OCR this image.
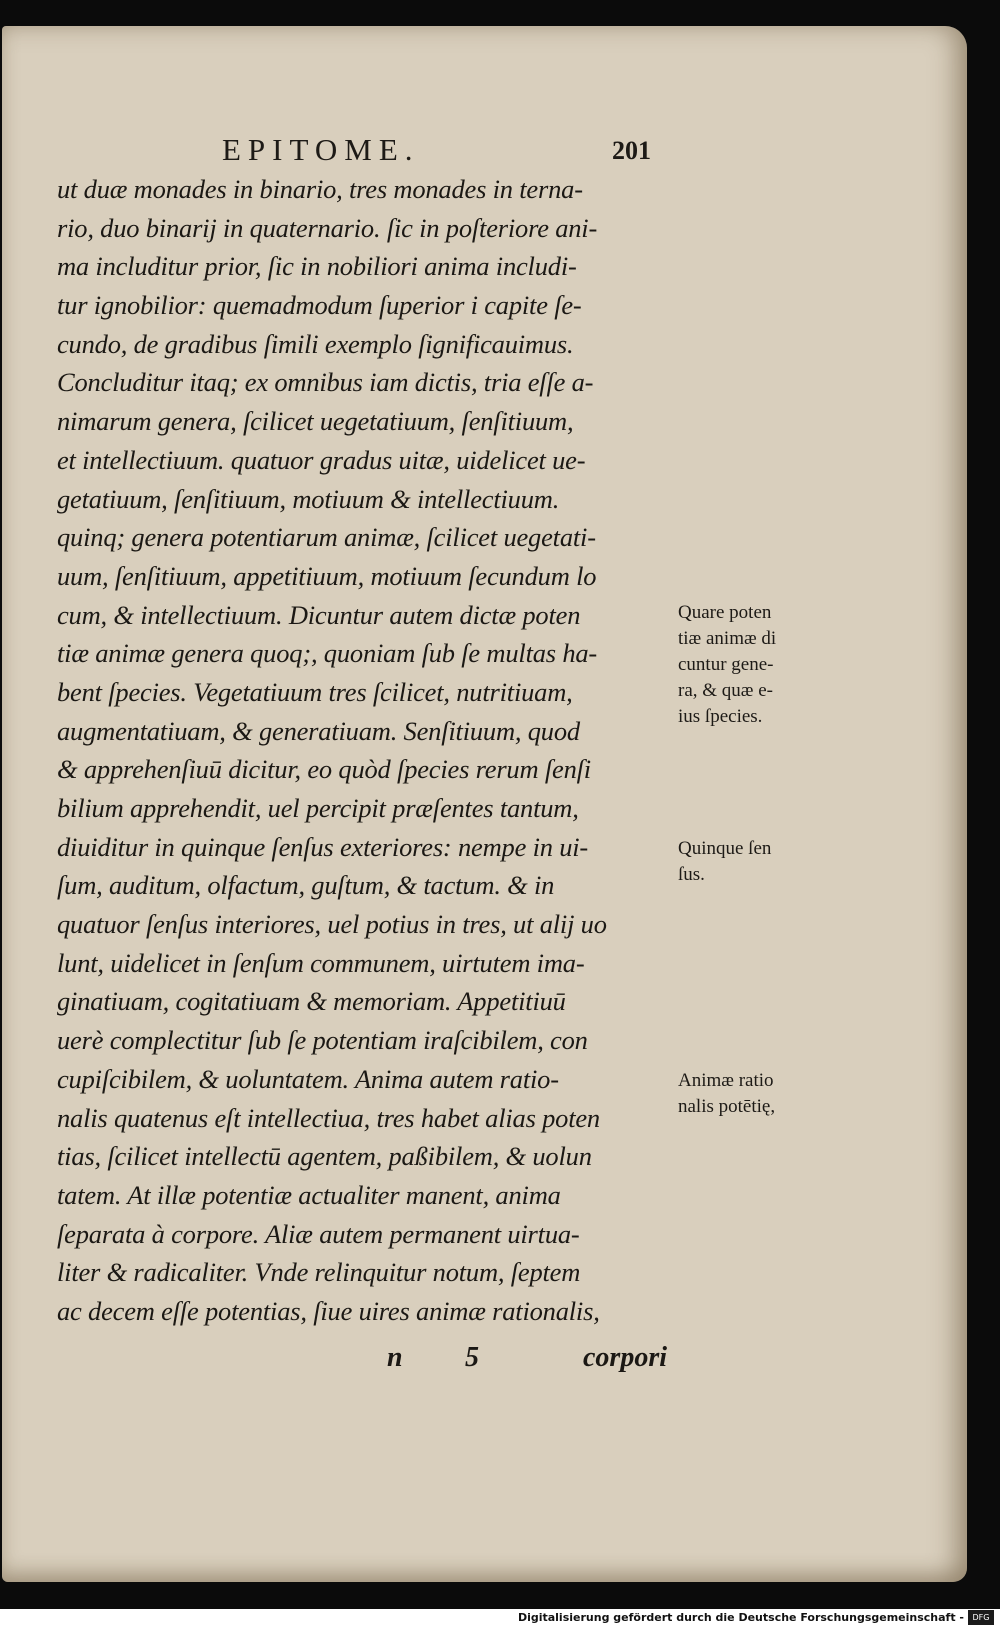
EPITOME.	201
ut duæ monades in binario, tres monades in terna-
rio, duo binarij in quaternario. ſic in poſteriore ani-
ma includitur prior, ſic in nobiliori anima includi-
tur ignobilior: quemadmodum ſuperior i capite ſe-
cundo, de gradibus ſimili exemplo ſignificauimus.
Concluditur itaq; ex omnibus iam dictis, tria eſſe a-
nimarum genera, ſcilicet uegetatiuum, ſenſitiuum,
et intellectiuum. quatuor gradus uitæ, uidelicet ue-
getatiuum, ſenſitiuum, motiuum & intellectiuum.
quinq; genera potentiarum animæ, ſcilicet uegetati-
uum, ſenſitiuum, appetitiuum, motiuum ſecundum lo
cum, & intellectiuum. Dicuntur autem dictæ poten
tiæ animæ genera quoq;, quoniam ſub ſe multas ha-
bent ſpecies. Vegetatiuum tres ſcilicet, nutritiuam,
augmentatiuam, & generatiuam. Senſitiuum, quod
& apprehenſiuū dicitur, eo quòd ſpecies rerum ſenſi
bilium apprehendit, uel percipit præſentes tantum,
diuiditur in quinque ſenſus exteriores: nempe in ui-
ſum, auditum, olfactum, guſtum, & tactum. & in
quatuor ſenſus interiores, uel potius in tres, ut alij uo
lunt, uidelicet in ſenſum communem, uirtutem ima-
ginatiuam, cogitatiuam & memoriam. Appetitiuū
uerè complectitur ſub ſe potentiam iraſcibilem, con
cupiſcibilem, & uoluntatem. Anima autem ratio-
nalis quatenus eſt intellectiua, tres habet alias poten
tias, ſcilicet intellectū agentem, paßibilem, & uolun
tatem. At illæ potentiæ actualiter manent, anima
ſeparata à corpore. Aliæ autem permanent uirtua-
liter & radicaliter. Vnde relinquitur notum, ſeptem
ac decem eſſe potentias, ſiue uires animæ rationalis,
n 5	corpori
Quare poten
tiæ animæ di
cuntur gene-
ra, & quæ e-
ius ſpecies.
Quinque ſen
ſus.
Animæ ratio
nalis potētię,
Digitalisierung gefördert durch die Deutsche Forschungsgemeinschaft -	DFG
